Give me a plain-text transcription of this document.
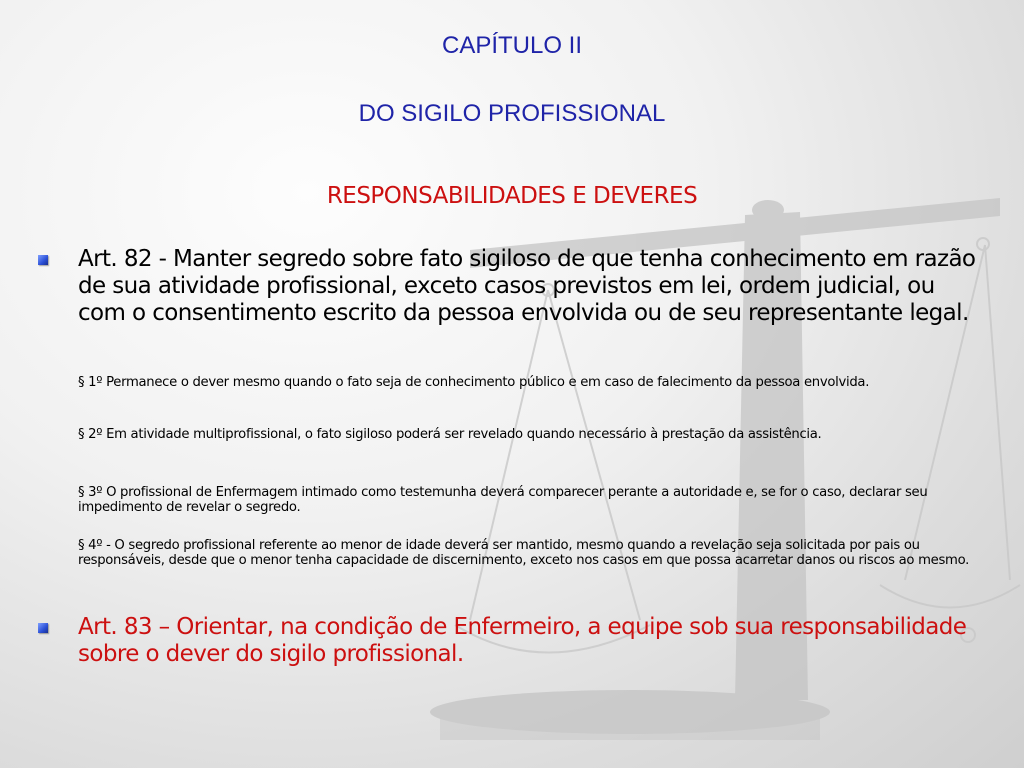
CAPÍTULO II
DO SIGILO PROFISSIONAL
RESPONSABILIDADES E DEVERES
Art. 82 - Manter segredo sobre fato sigiloso de que tenha conhecimento em razão de sua atividade profissional, exceto casos previstos em lei, ordem judicial, ou com o consentimento escrito da pessoa envolvida ou de seu representante legal.
§ 1º Permanece o dever mesmo quando o fato seja de conhecimento público e em caso de falecimento da pessoa envolvida.
§ 2º Em atividade multiprofissional, o fato sigiloso poderá ser revelado quando necessário à prestação da assistência.
§ 3º O profissional de Enfermagem intimado como testemunha deverá comparecer perante a autoridade e, se for o caso, declarar seu impedimento de revelar o segredo.
§ 4º - O segredo profissional referente ao menor de idade deverá ser mantido, mesmo quando a revelação seja solicitada por pais ou responsáveis, desde que o menor tenha capacidade de discernimento, exceto nos casos em que possa acarretar danos ou riscos ao mesmo.
Art. 83 – Orientar, na condição de Enfermeiro, a equipe sob sua responsabilidade sobre o dever do sigilo profissional.
